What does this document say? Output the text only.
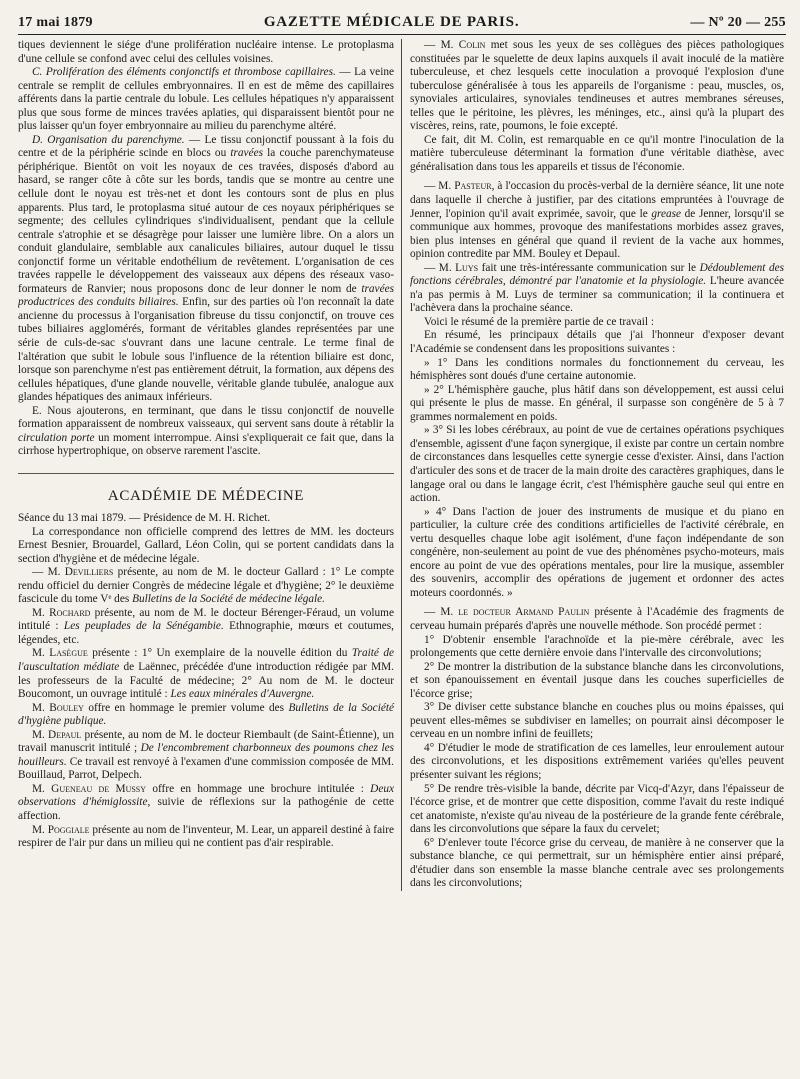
17 mai 1879	GAZETTE MÉDICALE DE PARIS.	— Nº 20 — 255

tiques deviennent le siége d'une prolifération nucléaire intense. Le protoplasma d'une cellule se confond avec celui des cellules voisines.

C. Prolifération des éléments conjonctifs et thrombose capillaires. — La veine centrale se remplit de cellules embryonnaires. Il en est de même des capillaires afférents dans la partie centrale du lobule. Les cellules hépatiques n'y apparaissent plus que sous forme de minces travées aplaties, qui disparaissent bientôt pour ne plus laisser qu'un foyer embryonnaire au milieu du parenchyme altéré.

D. Organisation du parenchyme. — Le tissu conjonctif poussant à la fois du centre et de la périphérie scinde en blocs ou travées la couche parenchymateuse périphérique. Bientôt on voit les noyaux de ces travées, disposés d'abord au hasard, se ranger côte à côte sur les bords, tandis que se montre au centre une cellule dont le noyau est très-net et dont les contours sont de plus en plus apparents. Plus tard, le protoplasma situé autour de ces noyaux périphériques se segmente; des cellules cylindriques s'individualisent, pendant que la cellule centrale s'atrophie et se désagrège pour laisser une lumière libre. On a alors un conduit glandulaire, semblable aux canalicules biliaires, autour duquel le tissu conjonctif forme un véritable endothélium de revêtement. L'organisation de ces travées rappelle le développement des vaisseaux aux dépens des réseaux vaso-formateurs de Ranvier; nous proposons donc de leur donner le nom de travées productrices des conduits biliaires. Enfin, sur des parties où l'on reconnaît la date ancienne du processus à l'organisation fibreuse du tissu conjonctif, on trouve ces tubes biliaires agglomérés, formant de véritables glandes représentées par une série de culs-de-sac s'ouvrant dans une lacune centrale. Le terme final de l'altération que subit le lobule sous l'influence de la rétention biliaire est donc, lorsque son parenchyme n'est pas entièrement détruit, la formation, aux dépens des cellules hépatiques, d'une glande nouvelle, véritable glande tubulée, analogue aux glandes hépatiques des animaux inférieurs.

E. Nous ajouterons, en terminant, que dans le tissu conjonctif de nouvelle formation apparaissent de nombreux vaisseaux, qui servent sans doute à rétablir la circulation porte un moment interrompue. Ainsi s'expliquerait ce fait que, dans la cirrhose hypertrophique, on observe rarement l'ascite.

ACADÉMIE DE MÉDECINE

Séance du 13 mai 1879. — Présidence de M. H. Richet.

La correspondance non officielle comprend des lettres de MM. les docteurs Ernest Besnier, Brouardel, Gallard, Léon Colin, qui se portent candidats dans la section d'hygiène et de médecine légale.

— M. Devilliers présente, au nom de M. le docteur Gallard : 1° Le compte rendu officiel du dernier Congrès de médecine légale et d'hygiène; 2° le deuxième fascicule du tome Vᵉ des Bulletins de la Société de médecine légale.

M. Rochard présente, au nom de M. le docteur Bérenger-Féraud, un volume intitulé : Les peuplades de la Sénégambie. Ethnographie, mœurs et coutumes, légendes, etc.

M. Lasègue présente : 1° Un exemplaire de la nouvelle édition du Traité de l'auscultation médiate de Laënnec, précédée d'une introduction rédigée par MM. les professeurs de la Faculté de médecine; 2° Au nom de M. le docteur Boucomont, un ouvrage intitulé : Les eaux minérales d'Auvergne.

M. Bouley offre en hommage le premier volume des Bulletins de la Société d'hygiène publique.

M. Depaul présente, au nom de M. le docteur Riembault (de Saint-Étienne), un travail manuscrit intitulé ; De l'encombrement charbonneux des poumons chez les houilleurs. Ce travail est renvoyé à l'examen d'une commission composée de MM. Bouillaud, Parrot, Delpech.

M. Gueneau de Mussy offre en hommage une brochure intitulée : Deux observations d'hémiglossite, suivie de réflexions sur la pathogénie de cette affection.

M. Poggiale présente au nom de l'inventeur, M. Lear, un appareil destiné à faire respirer de l'air pur dans un milieu qui ne contient pas d'air respirable.

— M. Colin met sous les yeux de ses collègues des pièces pathologiques constituées par le squelette de deux lapins auxquels il avait inoculé de la matière tuberculeuse, et chez lesquels cette inoculation a provoqué l'explosion d'une tuberculose généralisée à tous les appareils de l'organisme : peau, muscles, os, synoviales articulaires, synoviales tendineuses et autres membranes séreuses, telles que le péritoine, les plèvres, les méninges, etc., ainsi qu'à la plupart des viscères, reins, rate, poumons, le foie excepté.

Ce fait, dit M. Colin, est remarquable en ce qu'il montre l'inoculation de la matière tuberculeuse déterminant la formation d'une véritable diathèse, avec généralisation dans tous les appareils et tissus de l'économie.

— M. Pasteur, à l'occasion du procès-verbal de la dernière séance, lit une note dans laquelle il cherche à justifier, par des citations empruntées à l'ouvrage de Jenner, l'opinion qu'il avait exprimée, savoir, que le grease de Jenner, lorsqu'il se communique aux hommes, provoque des manifestations morbides assez graves, bien plus intenses en général que quand il revient de la vache aux hommes, opinion contredite par MM. Bouley et Depaul.

— M. Luys fait une très-intéressante communication sur le Dédoublement des fonctions cérébrales, démontré par l'anatomie et la physiologie. L'heure avancée n'a pas permis à M. Luys de terminer sa communication; il la continuera et l'achèvera dans la prochaine séance.

Voici le résumé de la première partie de ce travail :

En résumé, les principaux détails que j'ai l'honneur d'exposer devant l'Académie se condensent dans les propositions suivantes :

» 1° Dans les conditions normales du fonctionnement du cerveau, les hémisphères sont doués d'une certaine autonomie.

» 2° L'hémisphère gauche, plus hâtif dans son développement, est aussi celui qui présente le plus de masse. En général, il surpasse son congénère de 5 à 7 grammes normalement en poids.

» 3° Si les lobes cérébraux, au point de vue de certaines opérations psychiques d'ensemble, agissent d'une façon synergique, il existe par contre un certain nombre de circonstances dans lesquelles cette synergie cesse d'exister. Ainsi, dans l'action d'articuler des sons et de tracer de la main droite des caractères graphiques, dans le langage oral ou dans le langage écrit, c'est l'hémisphère gauche seul qui entre en action.

» 4° Dans l'action de jouer des instruments de musique et du piano en particulier, la culture crée des conditions artificielles de l'activité cérébrale, en vertu desquelles chaque lobe agit isolément, d'une façon indépendante de son congénère, non-seulement au point de vue des phénomènes psycho-moteurs, mais encore au point de vue des opérations mentales, pour lire la musique, assembler des souvenirs, accomplir des opérations de jugement et ordonner des actes moteurs coordonnés. »

— M. le docteur Armand Paulin présente à l'Académie des fragments de cerveau humain préparés d'après une nouvelle méthode. Son procédé permet :

1° D'obtenir ensemble l'arachnoïde et la pie-mère cérébrale, avec les prolongements que cette dernière envoie dans l'intervalle des circonvolutions;

2° De montrer la distribution de la substance blanche dans les circonvolutions, et son épanouissement en éventail jusque dans les couches superficielles de l'écorce grise;

3° De diviser cette substance blanche en couches plus ou moins épaisses, qui peuvent elles-mêmes se subdiviser en lamelles; on pourrait ainsi décomposer le cerveau en un nombre infini de feuillets;

4° D'étudier le mode de stratification de ces lamelles, leur enroulement autour des circonvolutions, et les dispositions extrêmement variées qu'elles peuvent présenter suivant les régions;

5° De rendre très-visible la bande, décrite par Vicq-d'Azyr, dans l'épaisseur de l'écorce grise, et de montrer que cette disposition, comme l'avait du reste indiqué cet anatomiste, n'existe qu'au niveau de la postérieure de la grande fente cérébrale, dans les circonvolutions que sépare la faux du cervelet;

6° D'enlever toute l'écorce grise du cerveau, de manière à ne conserver que la substance blanche, ce qui permettrait, sur un hémisphère entier ainsi préparé, d'étudier dans son ensemble la masse blanche centrale avec ses prolongements dans les circonvolutions;
